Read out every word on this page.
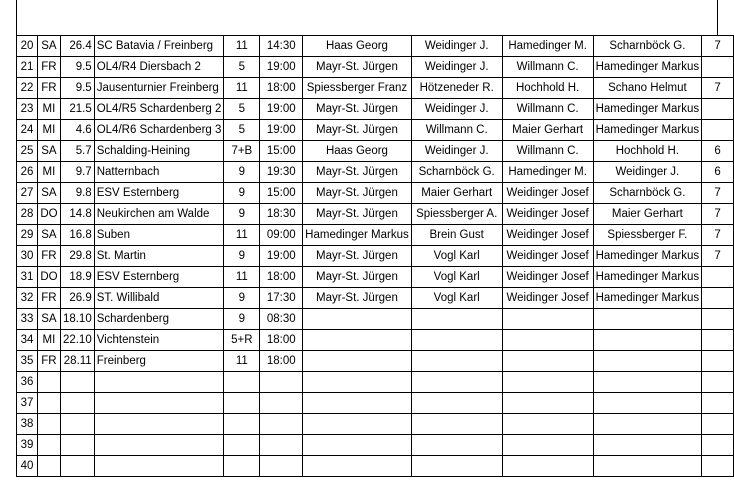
20	SA	26.4	SC Batavia / Freinberg	11	14:30	Haas Georg	Weidinger J.	Hamedinger M.	Scharnböck G.	7
21	FR	9.5	OL4/R4 Diersbach 2	5	19:00	Mayr-St. Jürgen	Weidinger J.	Willmann C.	Hamedinger Markus	
22	FR	9.5	Jausenturnier Freinberg	11	18:00	Spiessberger Franz	Hötzeneder R.	Hochhold H.	Schano Helmut	7
23	MI	21.5	OL4/R5 Schardenberg 2	5	19:00	Mayr-St. Jürgen	Weidinger J.	Willmann C.	Hamedinger Markus	
24	MI	4.6	OL4/R6 Schardenberg 3	5	19:00	Mayr-St. Jürgen	Willmann C.	Maier Gerhart	Hamedinger Markus	
25	SA	5.7	Schalding-Heining	7+B	15:00	Haas Georg	Weidinger J.	Willmann C.	Hochhold H.	6
26	MI	9.7	Natternbach	9	19:30	Mayr-St. Jürgen	Scharnböck G.	Hamedinger M.	Weidinger J.	6
27	SA	9.8	ESV Esternberg	9	15:00	Mayr-St. Jürgen	Maier Gerhart	Weidinger Josef	Scharnböck G.	7
28	DO	14.8	Neukirchen am Walde	9	18:30	Mayr-St. Jürgen	Spiessberger A.	Weidinger Josef	Maier Gerhart	7
29	SA	16.8	Suben	11	09:00	Hamedinger Markus	Brein Gust	Weidinger Josef	Spiessberger F.	7
30	FR	29.8	St. Martin	9	19:00	Mayr-St. Jürgen	Vogl Karl	Weidinger Josef	Hamedinger Markus	7
31	DO	18.9	ESV Esternberg	11	18:00	Mayr-St. Jürgen	Vogl Karl	Weidinger Josef	Hamedinger Markus	
32	FR	26.9	ST. Willibald	9	17:30	Mayr-St. Jürgen	Vogl Karl	Weidinger Josef	Hamedinger Markus	
33	SA	18.10	Schardenberg	9	08:30					
34	MI	22.10	Vichtenstein	5+R	18:00					
35	FR	28.11	Freinberg	11	18:00					
36										
37										
38										
39										
40										
